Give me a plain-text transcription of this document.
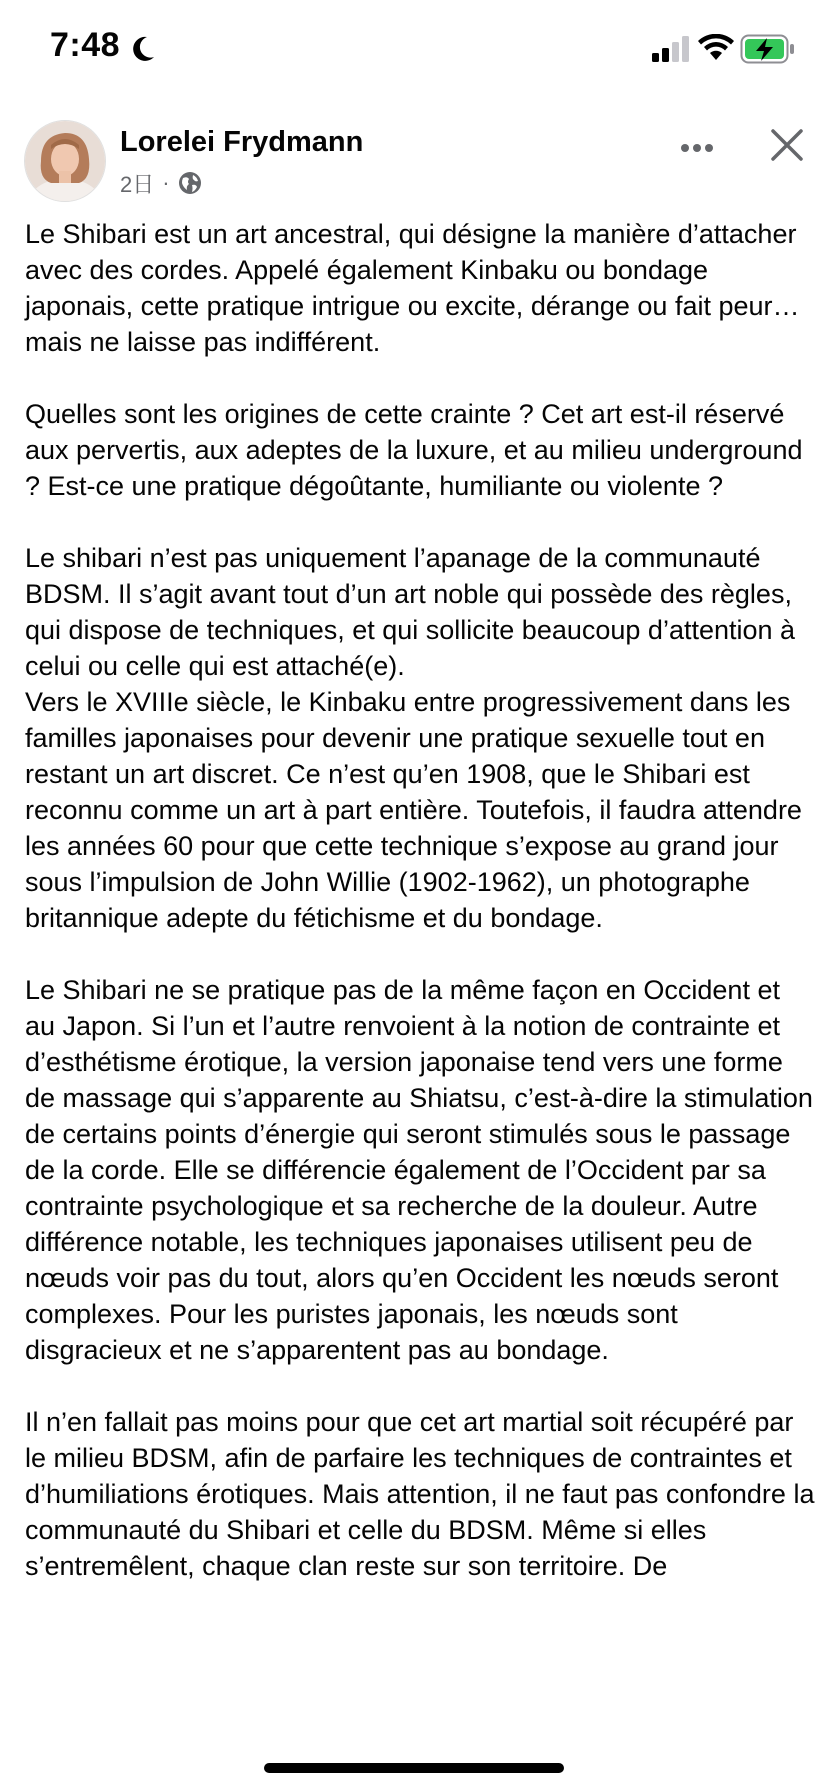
7:48
Lorelei Frydmann
2日 ·

Le Shibari est un art ancestral, qui désigne la manière d’attacher avec des cordes. Appelé également Kinbaku ou bondage japonais, cette pratique intrigue ou excite, dérange ou fait peur… mais ne laisse pas indifférent.

Quelles sont les origines de cette crainte ? Cet art est-il réservé aux pervertis, aux adeptes de la luxure, et au milieu underground ? Est-ce une pratique dégoûtante, humiliante ou violente ?

Le shibari n’est pas uniquement l’apanage de la communauté BDSM. Il s’agit avant tout d’un art noble qui possède des règles, qui dispose de techniques, et qui sollicite beaucoup d’attention à celui ou celle qui est attaché(e).

Vers le XVIIIe siècle, le Kinbaku entre progressivement dans les familles japonaises pour devenir une pratique sexuelle tout en restant un art discret. Ce n’est qu’en 1908, que le Shibari est reconnu comme un art à part entière. Toutefois, il faudra attendre les années 60 pour que cette technique s’expose au grand jour sous l’impulsion de John Willie (1902-1962), un photographe britannique adepte du fétichisme et du bondage.

Le Shibari ne se pratique pas de la même façon en Occident et au Japon. Si l’un et l’autre renvoient à la notion de contrainte et d’esthétisme érotique, la version japonaise tend vers une forme de massage qui s’apparente au Shiatsu, c’est-à-dire la stimulation de certains points d’énergie qui seront stimulés sous le passage de la corde. Elle se différencie également de l’Occident par sa contrainte psychologique et sa recherche de la douleur. Autre différence notable, les techniques japonaises utilisent peu de nœuds voir pas du tout, alors qu’en Occident les nœuds seront complexes. Pour les puristes japonais, les nœuds sont disgracieux et ne s’apparentent pas au bondage.

Il n’en fallait pas moins pour que cet art martial soit récupéré par le milieu BDSM, afin de parfaire les techniques de contraintes et d’humiliations érotiques. Mais attention, il ne faut pas confondre la communauté du Shibari et celle du BDSM. Même si elles s’entremêlent, chaque clan reste sur son territoire. De
